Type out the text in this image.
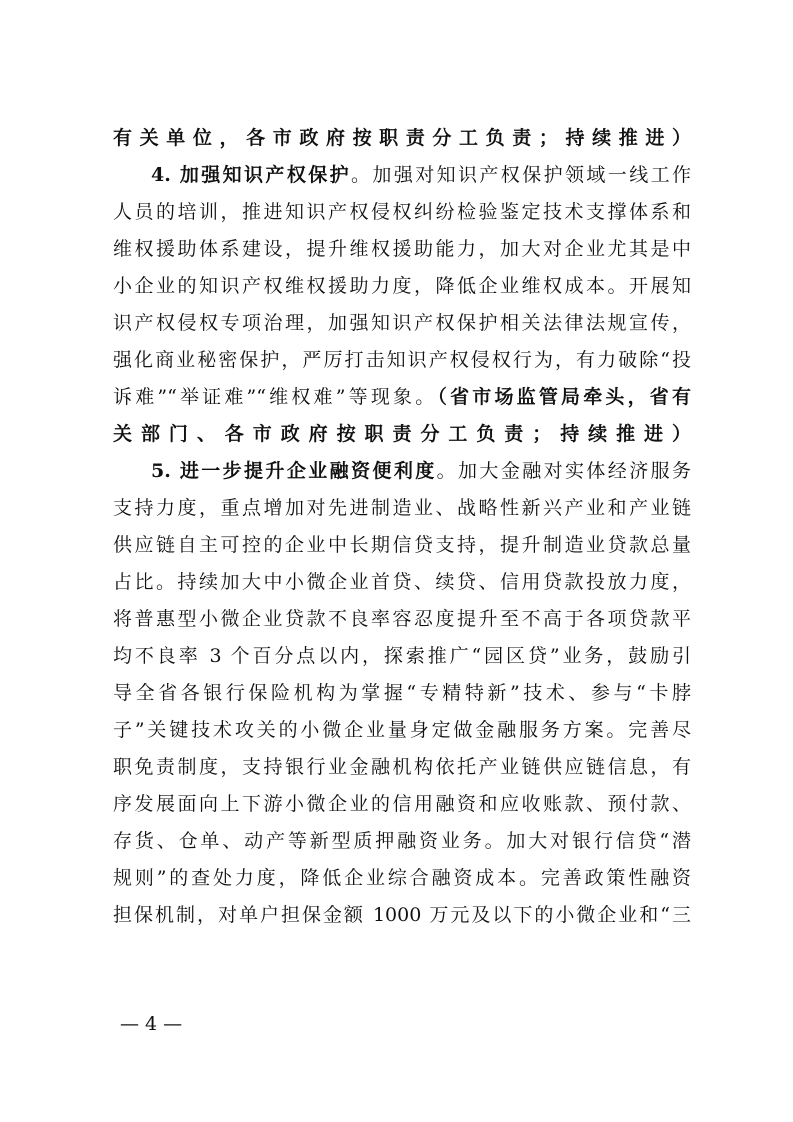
有关单位，各市政府按职责分工负责；持续推进）
4. 加强知识产权保护。加强对知识产权保护领域一线工作
人员的培训，推进知识产权侵权纠纷检验鉴定技术支撑体系和
维权援助体系建设，提升维权援助能力，加大对企业尤其是中
小企业的知识产权维权援助力度，降低企业维权成本。开展知
识产权侵权专项治理，加强知识产权保护相关法律法规宣传，
强化商业秘密保护，严厉打击知识产权侵权行为，有力破除“投
诉难”“举证难”“维权难”等现象。（省市场监管局牵头，省有
关部门、各市政府按职责分工负责；持续推进）
5. 进一步提升企业融资便利度。加大金融对实体经济服务
支持力度，重点增加对先进制造业、战略性新兴产业和产业链
供应链自主可控的企业中长期信贷支持，提升制造业贷款总量
占比。持续加大中小微企业首贷、续贷、信用贷款投放力度，
将普惠型小微企业贷款不良率容忍度提升至不高于各项贷款平
均不良率 3 个百分点以内，探索推广“园区贷”业务，鼓励引
导全省各银行保险机构为掌握“专精特新”技术、参与“卡脖
子”关键技术攻关的小微企业量身定做金融服务方案。完善尽
职免责制度，支持银行业金融机构依托产业链供应链信息，有
序发展面向上下游小微企业的信用融资和应收账款、预付款、
存货、仓单、动产等新型质押融资业务。加大对银行信贷“潜
规则”的查处力度，降低企业综合融资成本。完善政策性融资
担保机制，对单户担保金额 1000 万元及以下的小微企业和“三
— 4 —
